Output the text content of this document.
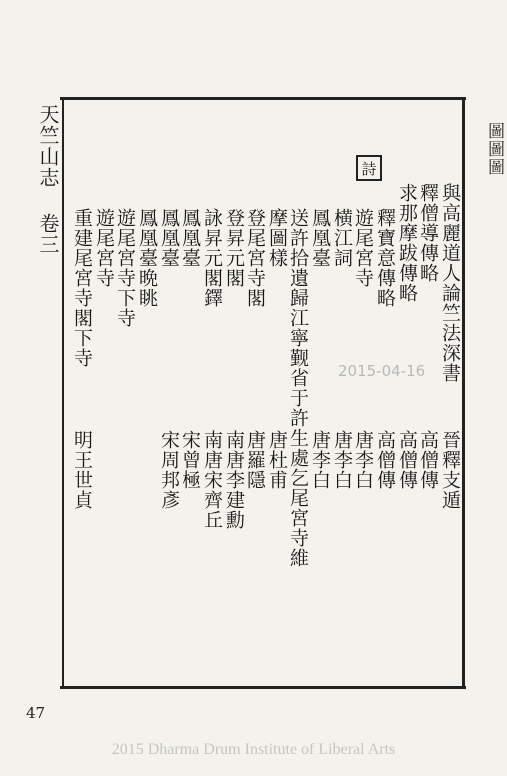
圖圖圖
天竺山志 卷三	詩
與高麗道人論竺法深書
釋僧導傳略
求那摩跋傳略
釋寶意傳略
遊尾宮寺
横江詞
鳳凰臺
送許拾遺歸江寧觐省于許生處乞尾宮寺維
摩圖樣
登尾宮寺閣
登昇元閣
詠昇元閣鐸
鳳凰臺
鳳凰臺
鳳凰臺晩眺
遊尾宮寺下寺
遊尾宮寺
重建尾宮寺閣下寺
晉釋支遁
高僧傳
高僧傳
高僧傳
唐李白
唐李白
唐李白
唐杜甫
唐羅隱
南唐李建勳
南唐宋齊丘
宋曾極
宋周邦彥
明王世貞
2015-04-16
47
2015 Dharma Drum Institute of Liberal Arts
